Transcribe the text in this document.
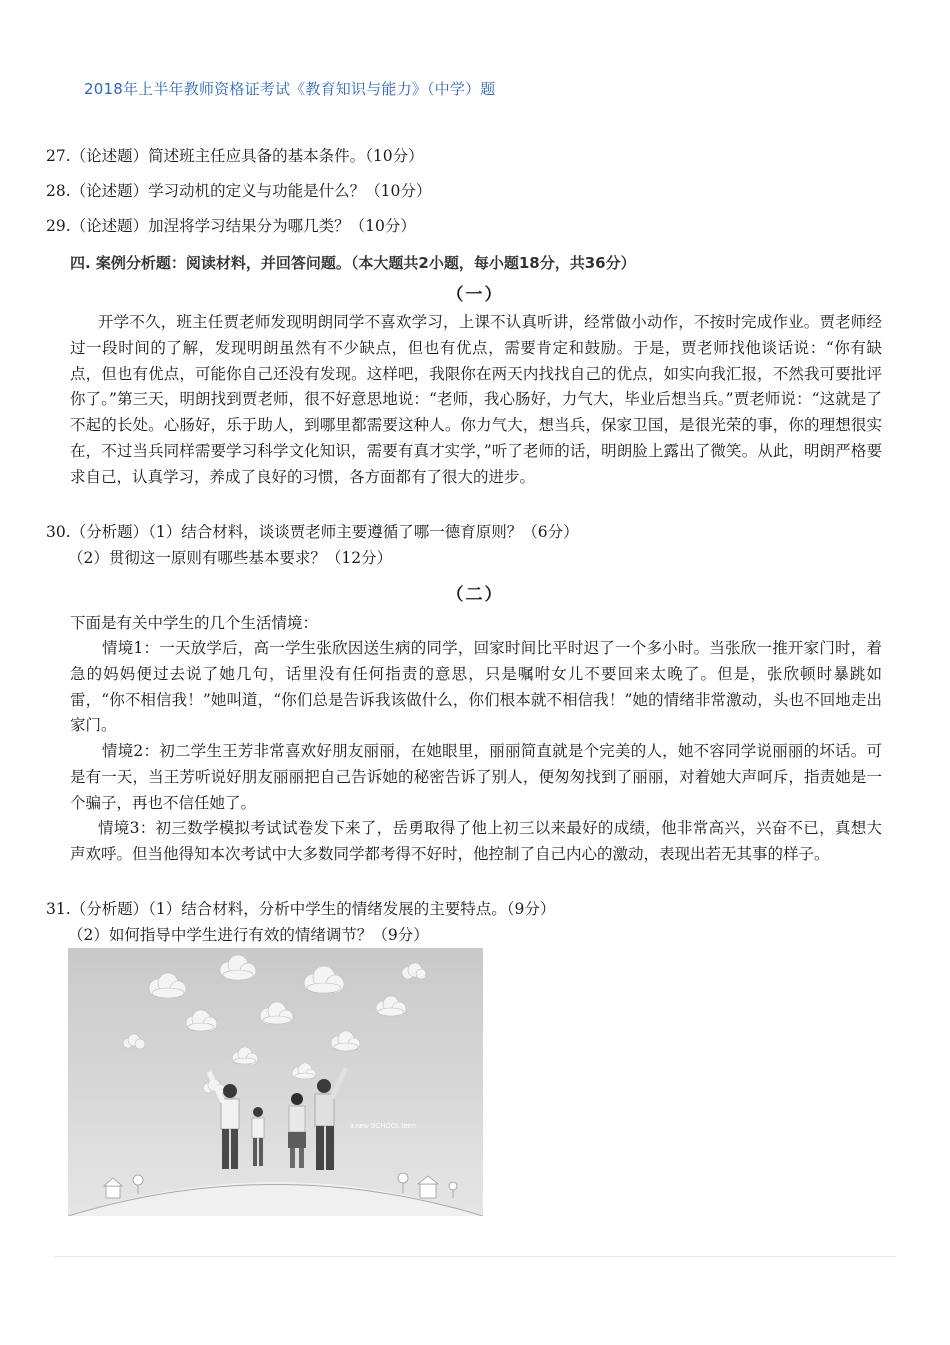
2018年上半年教师资格证考试《教育知识与能力》（中学）题
27.（论述题）简述班主任应具备的基本条件。（10分）
28.（论述题）学习动机的定义与功能是什么？（10分）
29.（论述题）加涅将学习结果分为哪几类？（10分）
四. 案例分析题：阅读材料，并回答问题。（本大题共2小题，每小题18分，共36分）
（一）
开学不久，班主任贾老师发现明朗同学不喜欢学习，上课不认真听讲，经常做小动作，不按时完成作业。贾老师经过一段时间的了解，发现明朗虽然有不少缺点，但也有优点，需要肯定和鼓励。于是，贾老师找他谈话说：“你有缺点，但也有优点，可能你自己还没有发现。这样吧，我限你在两天内找找自己的优点，如实向我汇报，不然我可要批评你了。”第三天，明朗找到贾老师，很不好意思地说：“老师，我心肠好，力气大，毕业后想当兵。”贾老师说：“这就是了不起的长处。心肠好，乐于助人，到哪里都需要这种人。你力气大，想当兵，保家卫国，是很光荣的事，你的理想很实在，不过当兵同样需要学习科学文化知识，需要有真才实学，”听了老师的话，明朗脸上露出了微笑。从此，明朗严格要求自己，认真学习，养成了良好的习惯，各方面都有了很大的进步。
30.（分析题）（1）结合材料，谈谈贾老师主要遵循了哪一德育原则？（6分）
（2）贯彻这一原则有哪些基本要求？（12分）
（二）
下面是有关中学生的几个生活情境：
情境1：一天放学后，高一学生张欣因送生病的同学，回家时间比平时迟了一个多小时。当张欣一推开家门时，着急的妈妈便过去说了她几句，话里没有任何指责的意思，只是嘱咐女儿不要回来太晚了。但是，张欣顿时暴跳如雷，“你不相信我！”她叫道，“你们总是告诉我该做什么，你们根本就不相信我！”她的情绪非常激动，头也不回地走出家门。
情境2：初二学生王芳非常喜欢好朋友丽丽，在她眼里，丽丽简直就是个完美的人，她不容同学说丽丽的坏话。可是有一天，当王芳听说好朋友丽丽把自己告诉她的秘密告诉了别人，便匆匆找到了丽丽，对着她大声呵斥，指责她是一个骗子，再也不信任她了。
情境3：初三数学模拟考试试卷发下来了，岳勇取得了他上初三以来最好的成绩，他非常高兴，兴奋不已，真想大声欢呼。但当他得知本次考试中大多数同学都考得不好时，他控制了自己内心的激动，表现出若无其事的样子。
31.（分析题）（1）结合材料，分析中学生的情绪发展的主要特点。（9分）
（2）如何指导中学生进行有效的情绪调节？（9分）
a new SCHOOL term
